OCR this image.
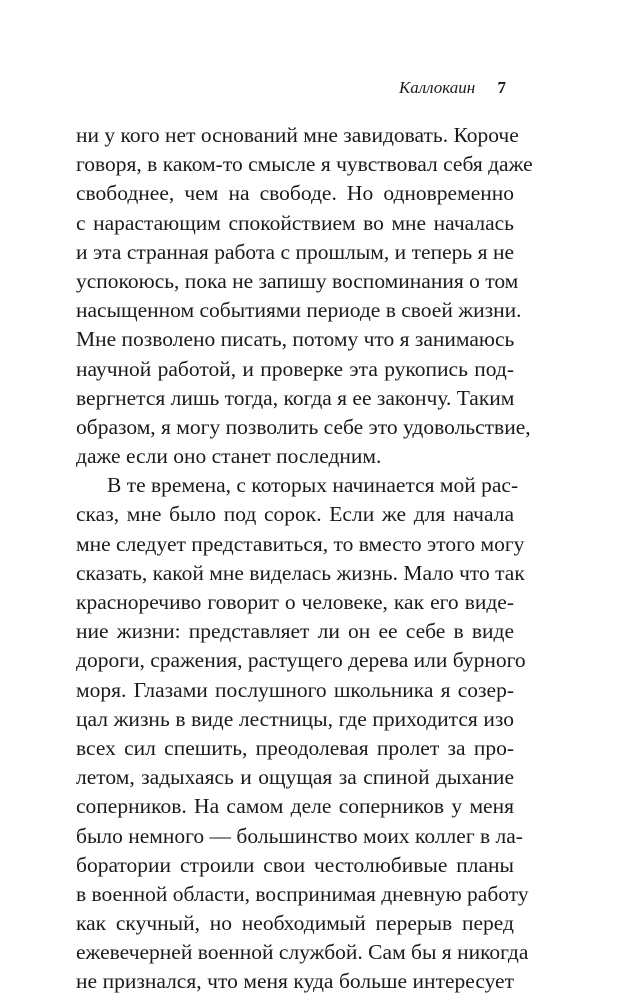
Каллокаин 7
ни у кого нет оснований мне завидовать. Короче
говоря, в каком-то смысле я чувствовал себя даже
свободнее, чем на свободе. Но одновременно
с нарастающим спокойствием во мне началась
и эта странная работа с прошлым, и теперь я не
успокоюсь, пока не запишу воспоминания о том
насыщенном событиями периоде в своей жизни.
Мне позволено писать, потому что я занимаюсь
научной работой, и проверке эта рукопись под-
вергнется лишь тогда, когда я ее закончу. Таким
образом, я могу позволить себе это удовольствие,
даже если оно станет последним.
В те времена, с которых начинается мой рас-
сказ, мне было под сорок. Если же для начала
мне следует представиться, то вместо этого могу
сказать, какой мне виделась жизнь. Мало что так
красноречиво говорит о человеке, как его виде-
ние жизни: представляет ли он ее себе в виде
дороги, сражения, растущего дерева или бурного
моря. Глазами послушного школьника я созер-
цал жизнь в виде лестницы, где приходится изо
всех сил спешить, преодолевая пролет за про-
летом, задыхаясь и ощущая за спиной дыхание
соперников. На самом деле соперников у меня
было немного — большинство моих коллег в ла-
боратории строили свои честолюбивые планы
в военной области, воспринимая дневную работу
как скучный, но необходимый перерыв перед
ежевечерней военной службой. Сам бы я никогда
не признался, что меня куда больше интересует
